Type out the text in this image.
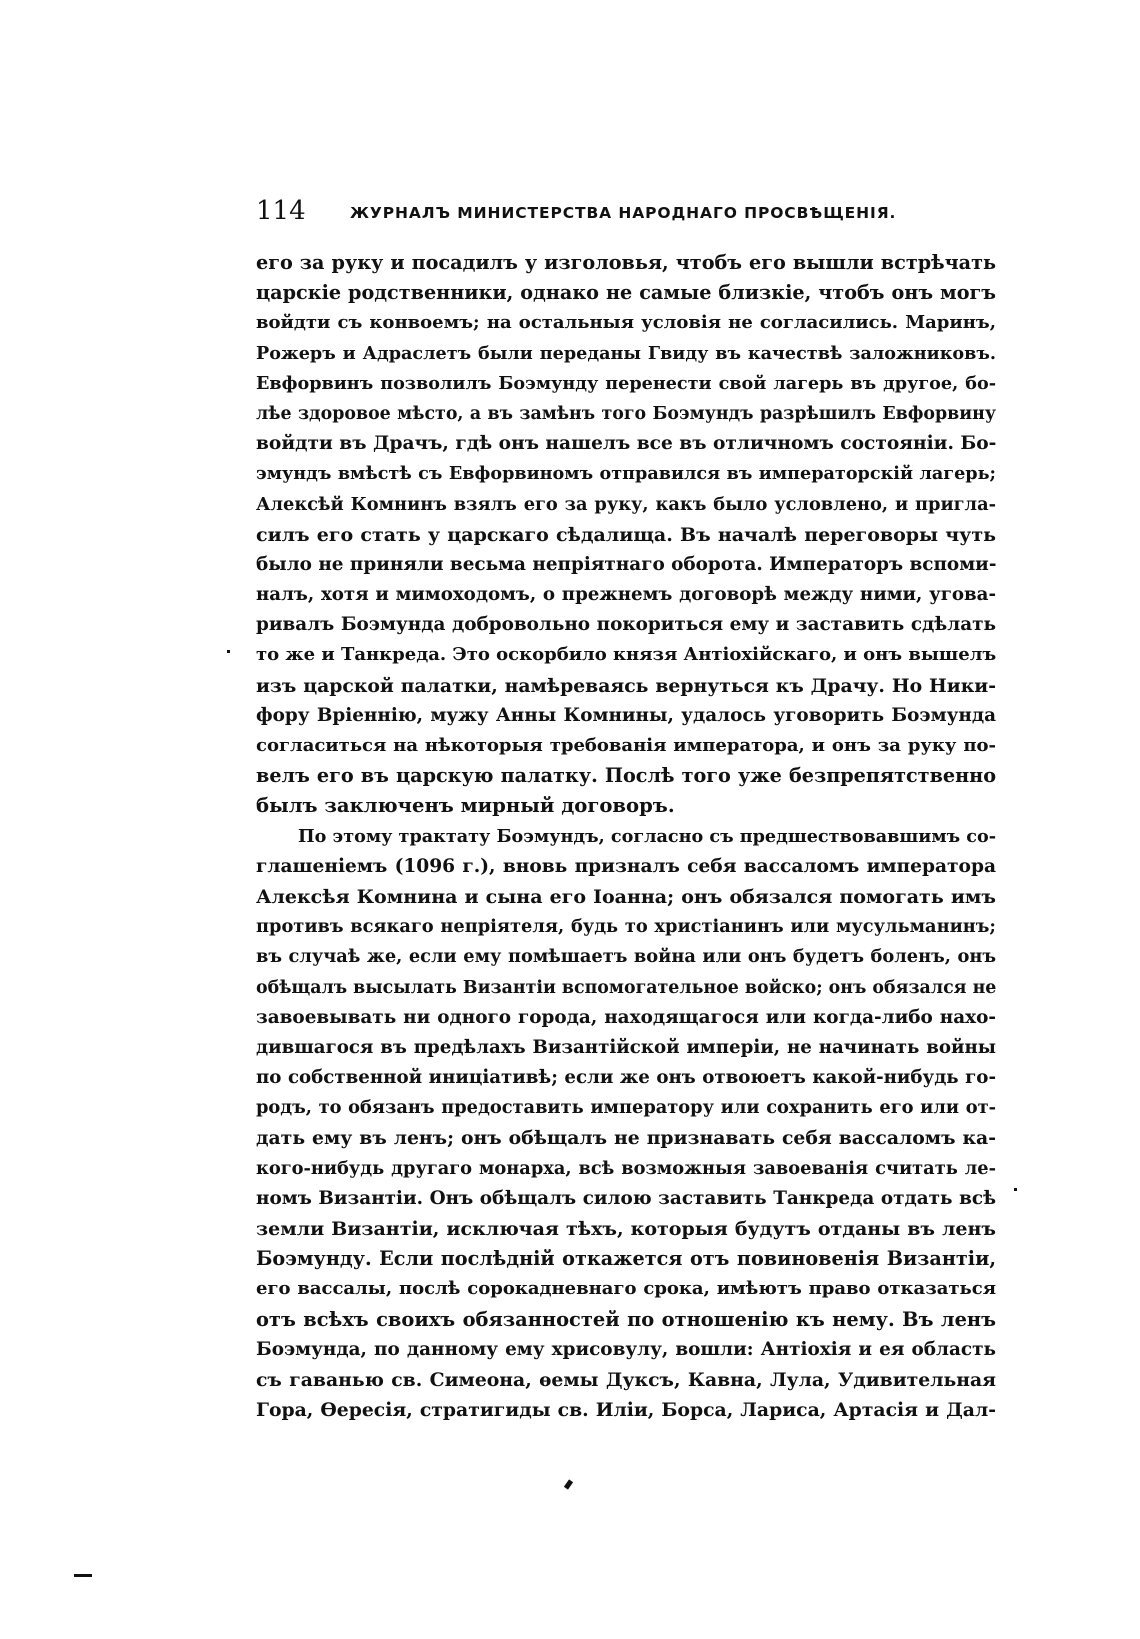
114	ЖУРНАЛЪ МИНИСТЕРСТВА НАРОДНАГО ПРОСВѢЩЕНІЯ.
его за руку и посадилъ у изголовья, чтобъ его вышли встрѣчать
царскіе родственники, однако не самые близкіе, чтобъ онъ могъ
войдти съ конвоемъ; на остальныя условія не согласились. Маринъ,
Рожеръ и Адраслетъ были переданы Гвиду въ качествѣ заложниковъ.
Евфорвинъ позволилъ Боэмунду перенести свой лагерь въ другое, бо-
лѣе здоровое мѣсто, а въ замѣнъ того Боэмундъ разрѣшилъ Евфорвину
войдти въ Драчъ, гдѣ онъ нашелъ все въ отличномъ состояніи. Бо-
эмундъ вмѣстѣ съ Евфорвиномъ отправился въ императорскій лагерь;
Алексѣй Комнинъ взялъ его за руку, какъ было условлено, и пригла-
силъ его стать у царскаго сѣдалища. Въ началѣ переговоры чуть
было не приняли весьма непріятнаго оборота. Императоръ вспоми-
налъ, хотя и мимоходомъ, о прежнемъ договорѣ между ними, угова-
ривалъ Боэмунда добровольно покориться ему и заставить сдѣлать
то же и Танкреда. Это оскорбило князя Антіохійскаго, и онъ вышелъ
изъ царской палатки, намѣреваясь вернуться къ Драчу. Но Ники-
фору Вріеннію, мужу Анны Комнины, удалось уговорить Боэмунда
согласиться на нѣкоторыя требованія императора, и онъ за руку по-
велъ его въ царскую палатку. Послѣ того уже безпрепятственно
былъ заключенъ мирный договоръ.
По этому трактату Боэмундъ, согласно съ предшествовавшимъ со-
глашеніемъ (1096 г.), вновь призналъ себя вассаломъ императора
Алексѣя Комнина и сына его Іоанна; онъ обязался помогать имъ
противъ всякаго непріятеля, будь то христіанинъ или мусульманинъ;
въ случаѣ же, если ему помѣшаетъ война или онъ будетъ боленъ, онъ
обѣщалъ высылать Византіи вспомогательное войско; онъ обязался не
завоевывать ни одного города, находящагося или когда-либо нахо-
дившагося въ предѣлахъ Византійской имперіи, не начинать войны
по собственной иниціативѣ; если же онъ отвоюетъ какой-нибудь го-
родъ, то обязанъ предоставить императору или сохранить его или от-
дать ему въ ленъ; онъ обѣщалъ не признавать себя вассаломъ ка-
кого-нибудь другаго монарха, всѣ возможныя завоеванія считать ле-
номъ Византіи. Онъ обѣщалъ силою заставить Танкреда отдать всѣ
земли Византіи, исключая тѣхъ, которыя будутъ отданы въ ленъ
Боэмунду. Если послѣдній откажется отъ повиновенія Византіи,
его вассалы, послѣ сорокадневнаго срока, имѣютъ право отказаться
отъ всѣхъ своихъ обязанностей по отношенію къ нему. Въ ленъ
Боэмунда, по данному ему хрисовулу, вошли: Антіохія и ея область
съ гаванью св. Симеона, ѳемы Дуксъ, Кавна, Лула, Удивительная
Гора, Ѳересія, стратигиды св. Иліи, Борса, Лариса, Артасія и Дал-
